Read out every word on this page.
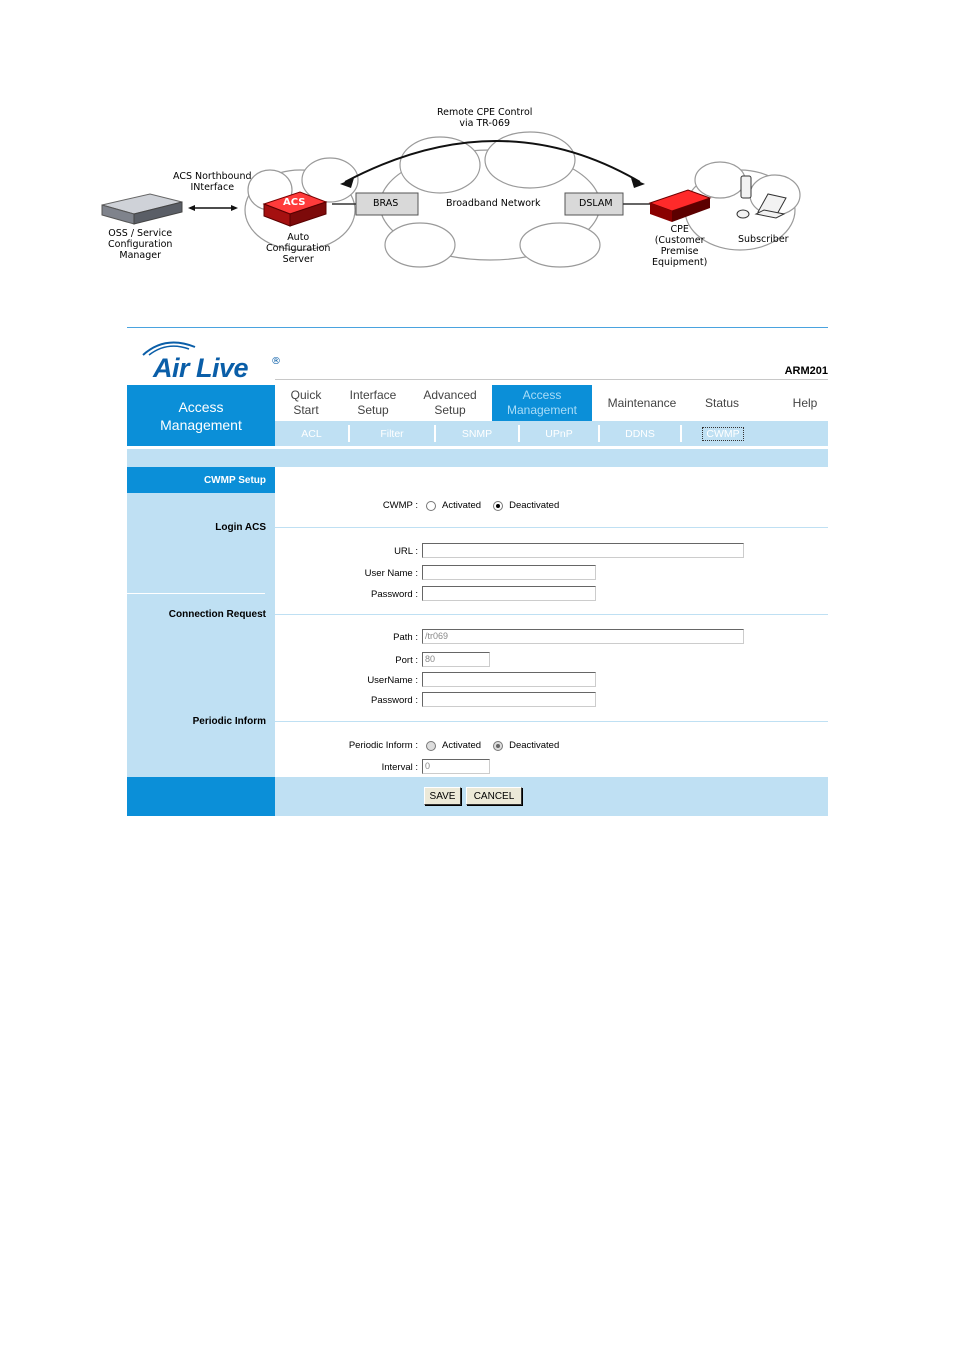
Remote CPE Control
via TR-069
ACS Northbound
INterface
OSS / Service
Configuration
Manager
ACS
Auto
Configuration
Server
BRAS	Broadband Network	DSLAM
CPE
(Customer
Premise
Equipment)
Subscriber
Air Live ®
ARM201
Access
Management
Quick
Start
Interface
Setup
Advanced
Setup
Access
Management
Maintenance Status	Help
ACL	Filter	SNMP	UPnP	DDNS	CWMP
CWMP Setup
Login ACS
Connection Request
Periodic Inform
CWMP :	Activated	Deactivated
URL :
User Name :
Password :
Path : /tr069
Port : 80
UserName :
Password :
Periodic Inform :	Activated	Deactivated
Interval : 0
SAVE	CANCEL
